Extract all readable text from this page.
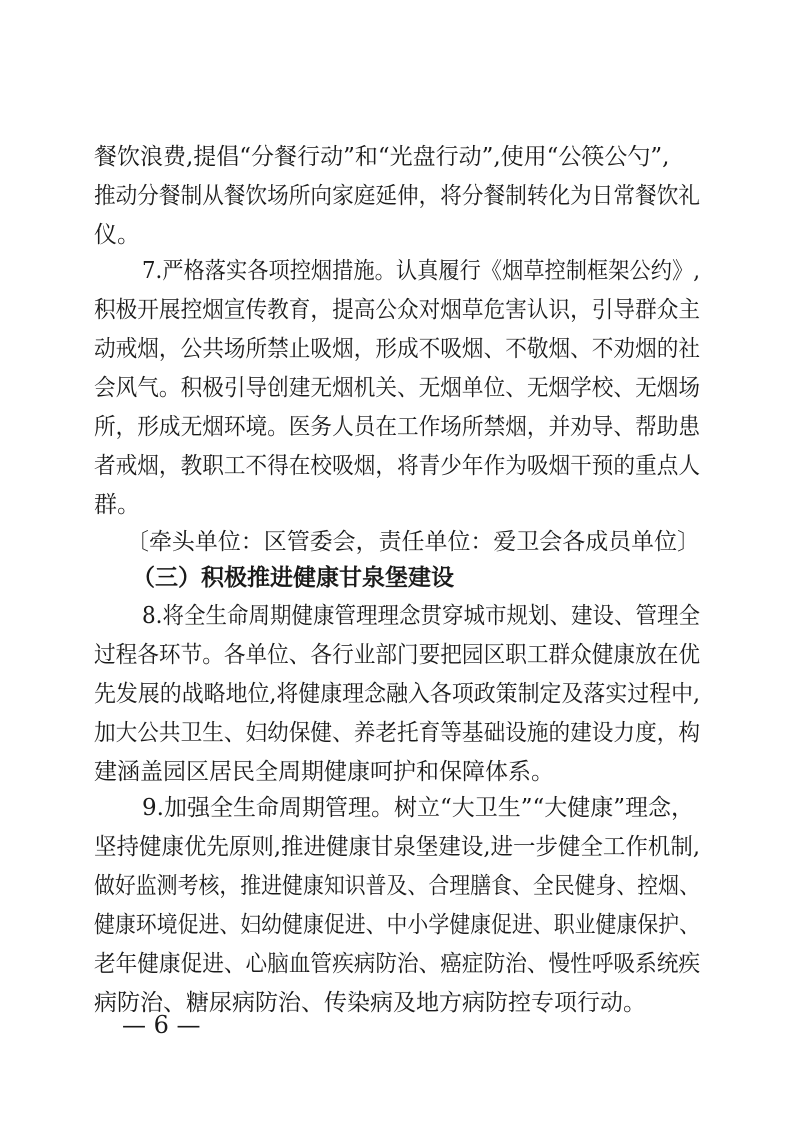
餐饮浪费,提倡“分餐行动”和“光盘行动”,使用“公筷公勺”,
推动分餐制从餐饮场所向家庭延伸，将分餐制转化为日常餐饮礼
仪。
7.严格落实各项控烟措施。认真履行《烟草控制框架公约》,
积极开展控烟宣传教育，提高公众对烟草危害认识，引导群众主
动戒烟，公共场所禁止吸烟，形成不吸烟、不敬烟、不劝烟的社
会风气。积极引导创建无烟机关、无烟单位、无烟学校、无烟场
所，形成无烟环境。医务人员在工作场所禁烟，并劝导、帮助患
者戒烟，教职工不得在校吸烟，将青少年作为吸烟干预的重点人
群。
〔牵头单位：区管委会，责任单位：爱卫会各成员单位〕
（三）积极推进健康甘泉堡建设
8.将全生命周期健康管理理念贯穿城市规划、建设、管理全
过程各环节。各单位、各行业部门要把园区职工群众健康放在优
先发展的战略地位,将健康理念融入各项政策制定及落实过程中,
加大公共卫生、妇幼保健、养老托育等基础设施的建设力度，构
建涵盖园区居民全周期健康呵护和保障体系。
9.加强全生命周期管理。树立“大卫生”“大健康”理念，
坚持健康优先原则,推进健康甘泉堡建设,进一步健全工作机制,
做好监测考核，推进健康知识普及、合理膳食、全民健身、控烟、
健康环境促进、妇幼健康促进、中小学健康促进、职业健康保护、
老年健康促进、心脑血管疾病防治、癌症防治、慢性呼吸系统疾
病防治、糖尿病防治、传染病及地方病防控专项行动。
— 6 —
